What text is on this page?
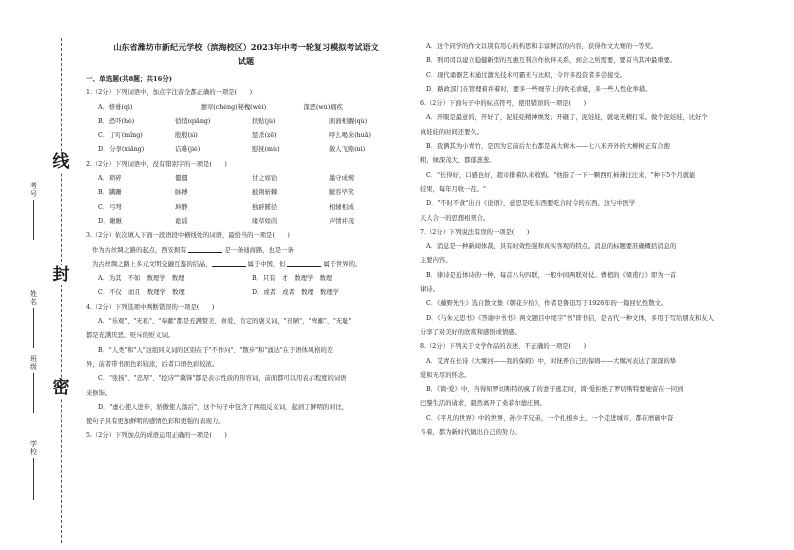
线
封
密
考号
姓名
班级
学校
山东省潍坊市新纪元学校（滨海校区）2023年中考一轮复习模拟考试语文
试题
一、单选题(共8题；共16分)

1.（2分）下列词语中，加点字注音全都正确的一项是(　　)

A．修葺(qì)	窸窣(chéng)秘槐(wèi)	深恶(wù)痛疾
B．恐吓(hè)	悄悄(qiǎng)	扶贴(jù)	面面相觑(qù)
C．丁叮(mǐng)	殷殷(sì)	惩杀(zē)	呼么喝来(huā)
D．分享(xiǎng)	诘难(jiè)	慰抚(mù)	赦人飞赂(nì)

2.（2分）下列词语中，没有错别字的一项是(　　)

A．琐碎	僵僵	甘之如饴	墨守成规
B．蹒跚	脉搏	披荆斩棘	觥容毕笑
C．弓弩	坤静	独辟蹊径	相辅相成
D．瞅瞅	诡谣	缘草如茵	声情并茂

3.（2分）依次填入下面一段语段中横线处的词语，最恰当的一项是(　　)

作为古丝绸之路的起点，西安拥有	是一条通商路，也是一条
为古丝绸之路上多元文明交融互鉴的结晶，	属于中国，但	属于世界的。

A．为其　不如　数理学　数理	B．只有　才　数理学　数理
C．不仅　而且　数理学　数理	D．或者　或者　数理　数理学

4.（2分）下列选项中判断错误的一项是(　　)

A．"乐观"、"无私"、"奉献"都是充满赞美、喜爱、肯定的褒义词，"丑陋"、"卑鄙"、"无耻"
都是充满厌恶、贬斥的贬义词。
B．"人类"和"人"这组同义词的区别在于"不作问"、"散步"和"涌达"在于语体风格的差
异，前者带书面色彩较浓，后者口语色彩较浓。
C．"张扬"、"忠厚"、"挖诗""冀锋"都是表示性质的形容词，前面都可以用表示程度的词语
来修饰。
D．"虚心使人进步，骄傲使人落后"，这个句子中包含了两组反义词，起到了鲜明的对比，
使句子具有更加鲜明的感情色彩和更强的表现力。

5.（2分）下列加点的成语运用正确的一项是(　　)

A．这个同学的作文以别有用心的构思和丰富鲜活的内容，获得作文大赛的一等奖。
B．刑司司以建立稳健新型的互惠互利合作伙伴关系，到会之所需要，要首当其冲最重要。
C．现代诵器艺术通过激光技术可霸无与比拟，令许多投资者多尝接受。
D．路政部门在管理着并着时，要多一些细节上的吹毛求疵，多一些人性化举措。
6.（2分）下面句子中的标点符号，使用错误的一项是(　　)
A．开眼是最意的，开好了，泥娃娃精神焕发；开砸了，泥娃娃，就毫无精打采。做个泥娃娃，比好个
真娃娃的时间还要久。
B．我俩其为小青竹，是因为它前后左右都是高大树木——七八米开外的大柳树正有合抱
粗，绿深茂大，都郁葱葱。
C．"长得好，口感也好，超市排着队来收购。"他指了一下一颗西红柿薄汪汪来，"种下5个月就能
挂果，每年月收一茬。"
D．"不时不食"出自《论语》，意思是吃东西要吃合时令的东西。这与中医学
天人合一的思想相契合。
7.（2分）下列说法有误的一项是(　　)
A．消息是一种新闻体裁，具有时效性强和真实客观的特点。消息的标题要准确概括消息的
主要内容。
B．律诗是近体诗的一种，每首八句四联，一般中间两联对仗。曹植的《梁甫行》即为一首
律诗。
C．《藤野先生》选自散文集《朝花夕拾》，作者是鲁迅写于1926年的一篇回忆性散文。
D．《与朱元思书》《答谢中书书》两文题目中尾字"书"即书信，是古代一种文体，多用于写给朋友和友人
分享了对美好的欣赏和感悟或情感。
8.（2分）下列关于文学作品的表述，不正确的一项是(　　)
A．艾青在长诗《大堰河——我的保姆》中，对抚养自己的保姆——大堰河表达了深深的挚
爱和无尽的怀念。
B．《简·爱》中，当得知罗切斯特的疯了的妻子逃走时，简·爱拒绝了罗切斯特要她留在一同到
巴黎生活的请求，毅然离开了桑菲尔德庄园。
C．《平凡的世界》中的世界，孙少平兄弟，一个扎根乡土，一个走进城市，都在磨砺中奋
斗着，都为新时代做出自己的努力。
